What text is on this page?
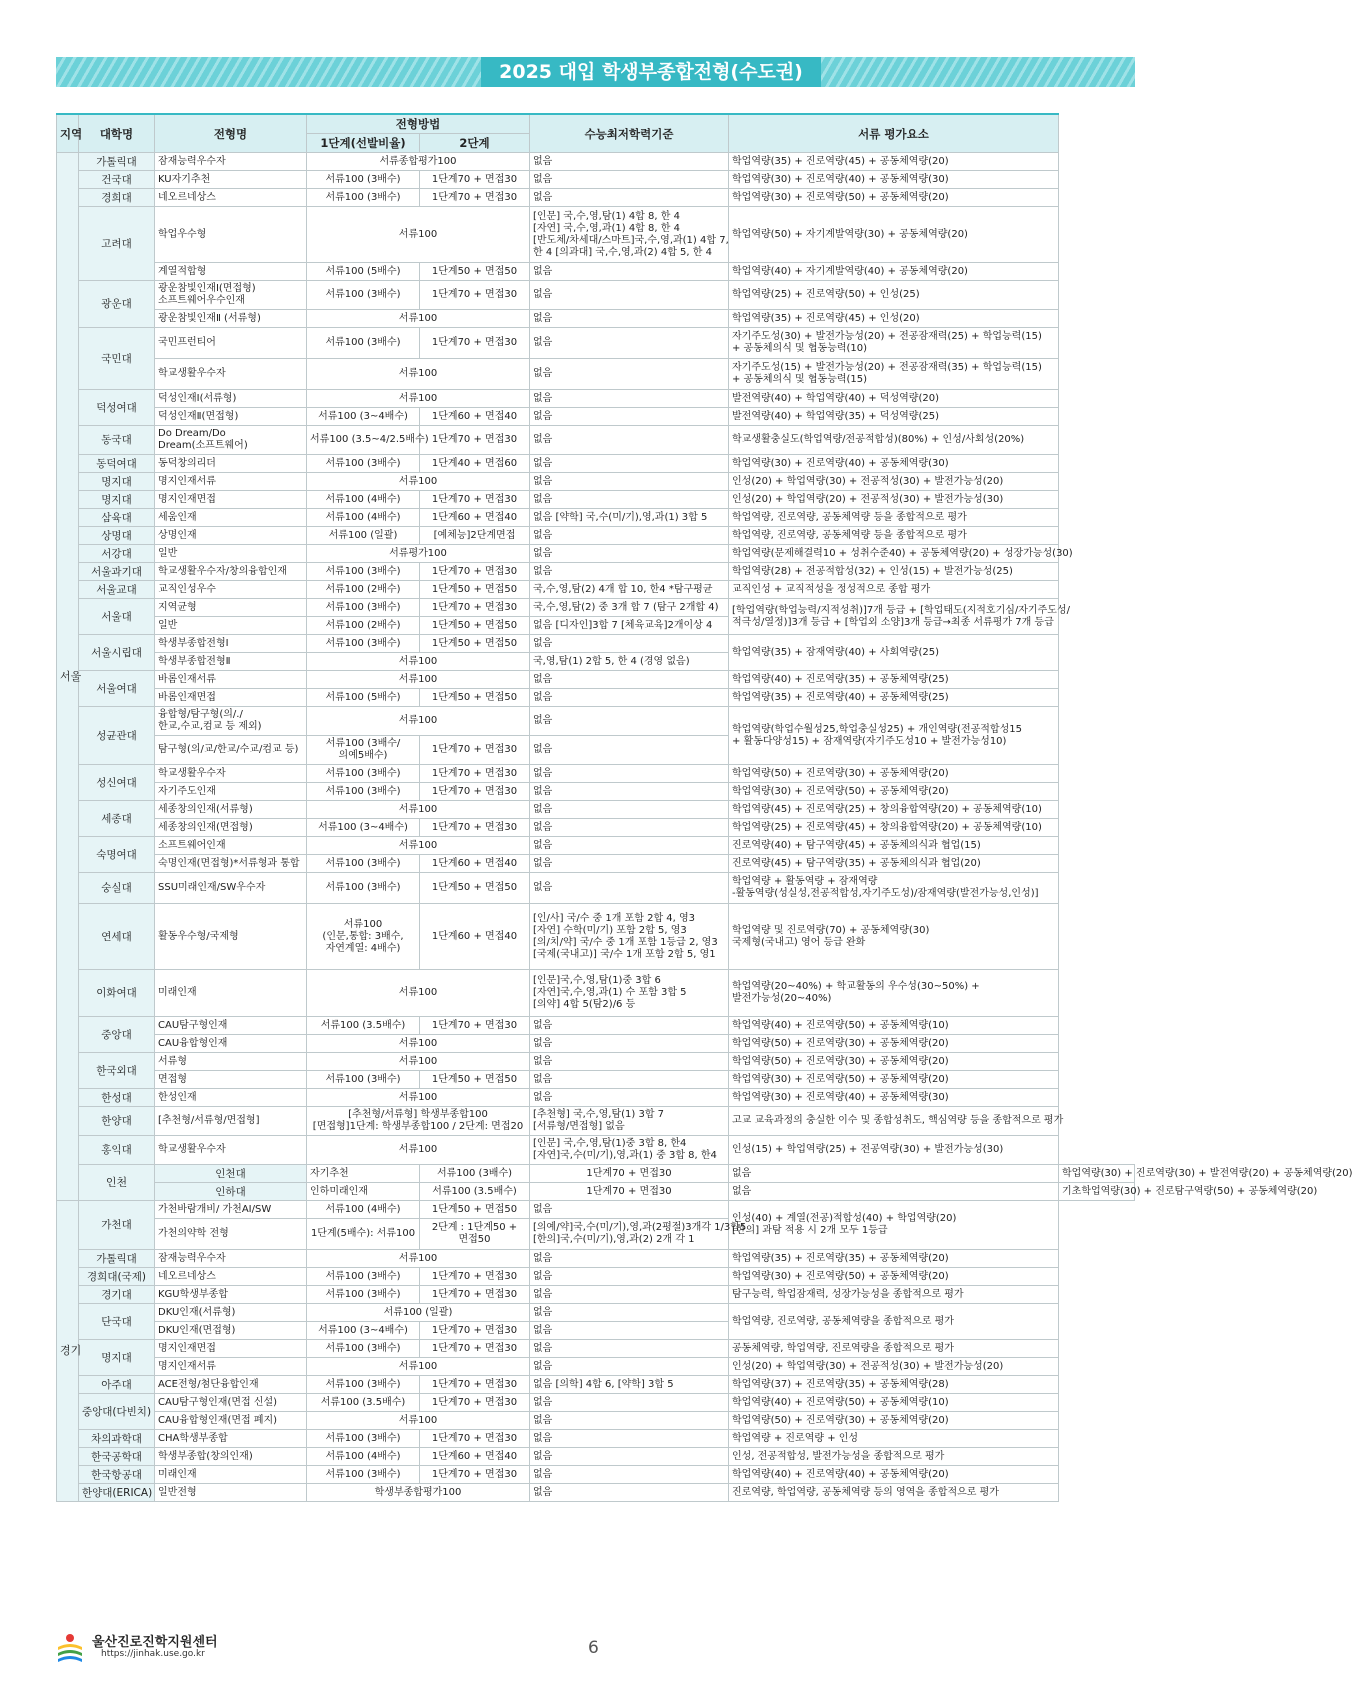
2025 대입 학생부종합전형(수도권)
지역	대학명	전형명	전형방법		수능최저학력기준	서류 평가요소	
			1단계(선발비율)	2단계			
서울	가톨릭대	잠재능력우수자	서류종합평가100		없음	학업역량(35) + 진로역량(45) + 공동체역량(20)	
	건국대	KU자기추천	서류100 (3배수)	1단계70 + 면접30	없음	학업역량(30) + 진로역량(40) + 공동체역량(30)	
	경희대	네오르네상스	서류100 (3배수)	1단계70 + 면접30	없음	학업역량(30) + 진로역량(50) + 공동체역량(20)	
	고려대	학업우수형	서류100		[인문] 국,수,영,탐(1) 4합 8, 한 4
[자연] 국,수,영,과(1) 4합 8, 한 4
[반도체/차세대/스마트]국,수,영,과(1) 4합 7,
한 4 [의과대] 국,수,영,과(2) 4합 5, 한 4	학업역량(50) + 자기계발역량(30) + 공동체역량(20)	
		계열적합형	서류100 (5배수)	1단계50 + 면접50	없음	학업역량(40) + 자기계발역량(40) + 공동체역량(20)	
	광운대	광운참빛인재Ⅰ(면접형)
소프트웨어우수인재	서류100 (3배수)	1단계70 + 면접30	없음	학업역량(25) + 진로역량(50) + 인성(25)	
		광운참빛인재Ⅱ (서류형)	서류100		없음	학업역량(35) + 진로역량(45) + 인성(20)	
	국민대	국민프런티어	서류100 (3배수)	1단계70 + 면접30	없음	자기주도성(30) + 발전가능성(20) + 전공잠재력(25) + 학업능력(15)
+ 공동체의식 및 협동능력(10)	
		학교생활우수자	서류100		없음	자기주도성(15) + 발전가능성(20) + 전공잠재력(35) + 학업능력(15)
+ 공동체의식 및 협동능력(15)	
	덕성여대	덕성인재Ⅰ(서류형)	서류100		없음	발전역량(40) + 학업역량(40) + 덕성역량(20)	
		덕성인재Ⅱ(면접형)	서류100 (3~4배수)	1단계60 + 면접40	없음	발전역량(40) + 학업역량(35) + 덕성역량(25)	
	동국대	Do Dream/Do
Dream(소프트웨어)	서류100 (3.5~4/2.5배수)	1단계70 + 면접30	없음	학교생활충실도(학업역량/전공적합성)(80%) + 인성/사회성(20%)	
	동덕여대	동덕창의리더	서류100 (3배수)	1단계40 + 면접60	없음	학업역량(30) + 진로역량(40) + 공동체역량(30)	
	명지대	명지인재서류	서류100		없음	인성(20) + 학업역량(30) + 전공적성(30) + 발전가능성(20)	
	명지대	명지인재면접	서류100 (4배수)	1단계70 + 면접30	없음	인성(20) + 학업역량(20) + 전공적성(30) + 발전가능성(30)	
	삼육대	세움인재	서류100 (4배수)	1단계60 + 면접40	없음 [약학] 국,수(미/기),영,과(1) 3합 5	학업역량, 진로역량, 공동체역량 등을 종합적으로 평가	
	상명대	상명인재	서류100 (일괄)	[예체능]2단계면접	없음	학업역량, 진로역량, 공동체역량 등을 종합적으로 평가	
	서강대	일반	서류평가100		없음	학업역량(문제해결력10 + 성취수준40) + 공동체역량(20) + 성장가능성(30)	
	서울과기대	학교생활우수자/창의융합인재	서류100 (3배수)	1단계70 + 면접30	없음	학업역량(28) + 전공적합성(32) + 인성(15) + 발전가능성(25)	
	서울교대	교직인성우수	서류100 (2배수)	1단계50 + 면접50	국,수,영,탐(2) 4개 합 10, 한4 *탐구평균	교직인성 + 교직적성을 정성적으로 종합 평가	
	서울대	지역균형	서류100 (3배수)	1단계70 + 면접30	국,수,영,탐(2) 중 3개 합 7 (탐구 2개합 4)	[학업역량(학업능력/지적성취)]7개 등급 + [학업태도(지적호기심/자기주도성/
적극성/열정)]3개 등급 + [학업외 소양]3개 등급→최종 서류평가 7개 등급	
		일반	서류100 (2배수)	1단계50 + 면접50	없음 [디자인]3합 7 [체육교육]2개이상 4		
	서울시립대	학생부종합전형Ⅰ	서류100 (3배수)	1단계50 + 면접50	없음	학업역량(35) + 잠재역량(40) + 사회역량(25)	
		학생부종합전형Ⅱ	서류100		국,영,탐(1) 2합 5, 한 4 (경영 없음)		
	서울여대	바롬인재서류	서류100		없음	학업역량(40) + 진로역량(35) + 공동체역량(25)	
		바롬인재면접	서류100 (5배수)	1단계50 + 면접50	없음	학업역량(35) + 진로역량(40) + 공동체역량(25)	
	성균관대	융합형/탐구형(의/./
한교,수교,컴교 등 제외)	서류100		없음	학업역량(학업수월성25,학업충실성25) + 개인역량(전공적합성15
+ 활동다양성15) + 잠재역량(자기주도성10 + 발전가능성10)	
		탐구형(의/교/한교/수교/컴교 등)	서류100 (3배수/
의예5배수)	1단계70 + 면접30	없음		
	성신여대	학교생활우수자	서류100 (3배수)	1단계70 + 면접30	없음	학업역량(50) + 진로역량(30) + 공동체역량(20)	
		자기주도인재	서류100 (3배수)	1단계70 + 면접30	없음	학업역량(30) + 진로역량(50) + 공동체역량(20)	
	세종대	세종창의인재(서류형)	서류100		없음	학업역량(45) + 진로역량(25) + 창의융합역량(20) + 공동체역량(10)	
		세종창의인재(면접형)	서류100 (3~4배수)	1단계70 + 면접30	없음	학업역량(25) + 진로역량(45) + 창의융합역량(20) + 공동체역량(10)	
	숙명여대	소프트웨어인재	서류100		없음	진로역량(40) + 탐구역량(45) + 공동체의식과 협업(15)	
		숙명인재(면접형)*서류형과 통합	서류100 (3배수)	1단계60 + 면접40	없음	진로역량(45) + 탐구역량(35) + 공동체의식과 협업(20)	
	숭실대	SSU미래인재/SW우수자	서류100 (3배수)	1단계50 + 면접50	없음	학업역량 + 활동역량 + 잠재역량
-활동역량(성실성,전공적합성,자기주도성)/잠재역량(발전가능성,인성)]	
	연세대	활동우수형/국제형	서류100
(인문,통합: 3배수,
자연계열: 4배수)	1단계60 + 면접40	[인/사] 국/수 중 1개 포함 2합 4, 영3
[자연] 수학(미/기) 포함 2합 5, 영3
[의/치/약] 국/수 중 1개 포함 1등급 2, 영3
[국제(국내고)] 국/수 1개 포함 2합 5, 영1	학업역량 및 진로역량(70) + 공동체역량(30)
국제형(국내고) 영어 등급 완화	
	이화여대	미래인재	서류100		[인문]국,수,영,탐(1)중 3합 6
[자연]국,수,영,과(1) 수 포함 3합 5
[의약] 4합 5(탐2)/6 등	학업역량(20~40%) + 학교활동의 우수성(30~50%) +
발전가능성(20~40%)	
	중앙대	CAU탐구형인재	서류100 (3.5배수)	1단계70 + 면접30	없음	학업역량(40) + 진로역량(50) + 공동체역량(10)	
		CAU융합형인재	서류100		없음	학업역량(50) + 진로역량(30) + 공동체역량(20)	
	한국외대	서류형	서류100		없음	학업역량(50) + 진로역량(30) + 공동체역량(20)	
		면접형	서류100 (3배수)	1단계50 + 면접50	없음	학업역량(30) + 진로역량(50) + 공동체역량(20)	
	한성대	한성인재	서류100		없음	학업역량(30) + 진로역량(40) + 공동체역량(30)	
	한양대	[추천형/서류형/면접형]	[추천형/서류형] 학생부종합100
[면접형]1단계: 학생부종합100 / 2단계: 면접20		[추천형] 국,수,영,탐(1) 3합 7
[서류형/면접형] 없음	고교 교육과정의 충실한 이수 및 종합성취도, 핵심역량 등을 종합적으로 평가	
	홍익대	학교생활우수자	서류100		[인문] 국,수,영,탐(1)중 3합 8, 한4
[자연]국,수(미/기),영,과(1) 중 3합 8, 한4	인성(15) + 학업역량(25) + 전공역량(30) + 발전가능성(30)	
	인천	인천대	자기추천	서류100 (3배수)	1단계70 + 면접30	없음	학업역량(30) + 진로역량(30) + 발전역량(20) + 공동체역량(20)
		인하대	인하미래인재	서류100 (3.5배수)	1단계70 + 면접30	없음	기초학업역량(30) + 진로탐구역량(50) + 공동체역량(20)
경기	가천대	가천바람개비/ 가천AI/SW	서류100 (4배수)	1단계50 + 면접50	없음	인성(40) + 계열(전공)적합성(40) + 학업역량(20)
[한의] 과탐 적용 시 2개 모두 1등급	
		가천의약학 전형	1단계(5배수): 서류100	2단계 : 1단계50 +
면접50	[의예/약]국,수(미/기),영,과(2평절)3개각 1/3합5
[한의]국,수(미/기),영,과(2) 2개 각 1		
	가톨릭대	잠재능력우수자	서류100		없음	학업역량(35) + 진로역량(35) + 공동체역량(20)	
	경희대(국제)	네오르네상스	서류100 (3배수)	1단계70 + 면접30	없음	학업역량(30) + 진로역량(50) + 공동체역량(20)	
	경기대	KGU학생부종합	서류100 (3배수)	1단계70 + 면접30	없음	탐구능력, 학업잠재력, 성장가능성을 종합적으로 평가	
	단국대	DKU인재(서류형)	서류100 (일괄)		없음	학업역량, 진로역량, 공동체역량을 종합적으로 평가	
		DKU인재(면접형)	서류100 (3~4배수)	1단계70 + 면접30	없음		
	명지대	명지인재면접	서류100 (3배수)	1단계70 + 면접30	없음	공동체역량, 학업역량, 진로역량을 종합적으로 평가	
		명지인재서류	서류100		없음	인성(20) + 학업역량(30) + 전공적성(30) + 발전가능성(20)	
	아주대	ACE전형/첨단융합인재	서류100 (3배수)	1단계70 + 면접30	없음 [의학] 4합 6, [약학] 3합 5	학업역량(37) + 진로역량(35) + 공동체역량(28)	
	중앙대(다빈치)	CAU탐구형인재(면접 신설)	서류100 (3.5배수)	1단계70 + 면접30	없음	학업역량(40) + 진로역량(50) + 공동체역량(10)	
		CAU융합형인재(면접 폐지)	서류100		없음	학업역량(50) + 진로역량(30) + 공동체역량(20)	
	차의과학대	CHA학생부종합	서류100 (3배수)	1단계70 + 면접30	없음	학업역량 + 진로역량 + 인성	
	한국공학대	학생부종합(창의인재)	서류100 (4배수)	1단계60 + 면접40	없음	인성, 전공적합성, 발전가능성을 종합적으로 평가	
	한국항공대	미래인재	서류100 (3배수)	1단계70 + 면접30	없음	학업역량(40) + 진로역량(40) + 공동체역량(20)	
	한양대(ERICA)	일반전형	학생부종합평가100		없음	진로역량, 학업역량, 공동체역량 등의 영역을 종합적으로 평가	
울산진로진학지원센터
https://jinhak.use.go.kr	6
